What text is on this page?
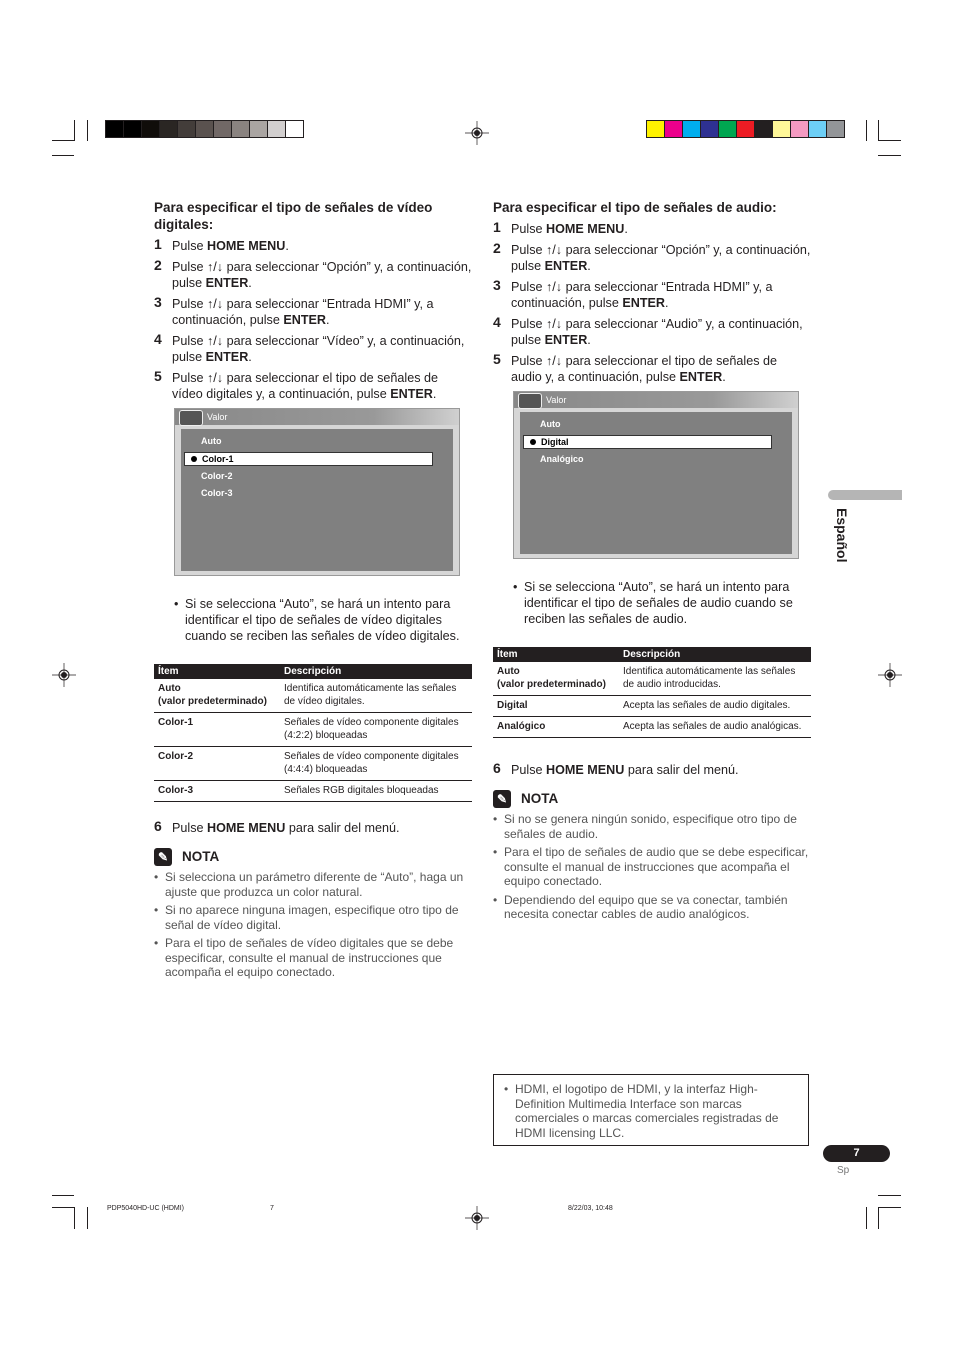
Para especificar el tipo de señales de vídeo digitales:
1 Pulse HOME MENU.
2 Pulse ↑/↓ para seleccionar “Opción” y, a continuación, pulse ENTER.
3 Pulse ↑/↓ para seleccionar “Entrada HDMI” y, a continuación, pulse ENTER.
4 Pulse ↑/↓ para seleccionar “Vídeo” y, a continuación, pulse ENTER.
5 Pulse ↑/↓ para seleccionar el tipo de señales de vídeo digitales y, a continuación, pulse ENTER.
Valor
Auto
Color-1
Color-2
Color-3
• Si se selecciona “Auto”, se hará un intento para identificar el tipo de señales de vídeo digitales cuando se reciben las señales de vídeo digitales.
Ítem	Descripción

Auto
(valor predeterminado)	Identifica automáticamente las señales de vídeo digitales.

Color-1	Señales de vídeo componente digitales (4:2:2) bloqueadas

Color-2	Señales de vídeo componente digitales (4:4:4) bloqueadas

Color-3	Señales RGB digitales bloqueadas
6 Pulse HOME MENU para salir del menú.
✎ NOTA
• Si selecciona un parámetro diferente de “Auto”, haga un ajuste que produzca un color natural.
• Si no aparece ninguna imagen, especifique otro tipo de señal de vídeo digital.
• Para el tipo de señales de vídeo digitales que se debe especificar, consulte el manual de instrucciones que acompaña el equipo conectado.
Para especificar el tipo de señales de audio:
1 Pulse HOME MENU.
2 Pulse ↑/↓ para seleccionar “Opción” y, a continuación, pulse ENTER.
3 Pulse ↑/↓ para seleccionar “Entrada HDMI” y, a continuación, pulse ENTER.
4 Pulse ↑/↓ para seleccionar “Audio” y, a continuación, pulse ENTER.
5 Pulse ↑/↓ para seleccionar el tipo de señales de audio y, a continuación, pulse ENTER.
Valor
Auto
Digital
Analógico
• Si se selecciona “Auto”, se hará un intento para identificar el tipo de señales de audio cuando se reciben las señales de audio.
Ítem	Descripción

Auto
(valor predeterminado)	Identifica automáticamente las señales de audio introducidas.

Digital	Acepta las señales de audio digitales.

Analógico	Acepta las señales de audio analógicas.
6 Pulse HOME MENU para salir del menú.
✎ NOTA
• Si no se genera ningún sonido, especifique otro tipo de señales de audio.
• Para el tipo de señales de audio que se debe especificar, consulte el manual de instrucciones que acompaña el equipo conectado.
• Dependiendo del equipo que se va conectar, también necesita conectar cables de audio analógicos.
• HDMI, el logotipo de HDMI, y la interfaz High-Definition Multimedia Interface son marcas comerciales o marcas comerciales registradas de HDMI licensing LLC.
Español
7
Sp
PDP5040HD-UC (HDMI)	7	8/22/03, 10:48
